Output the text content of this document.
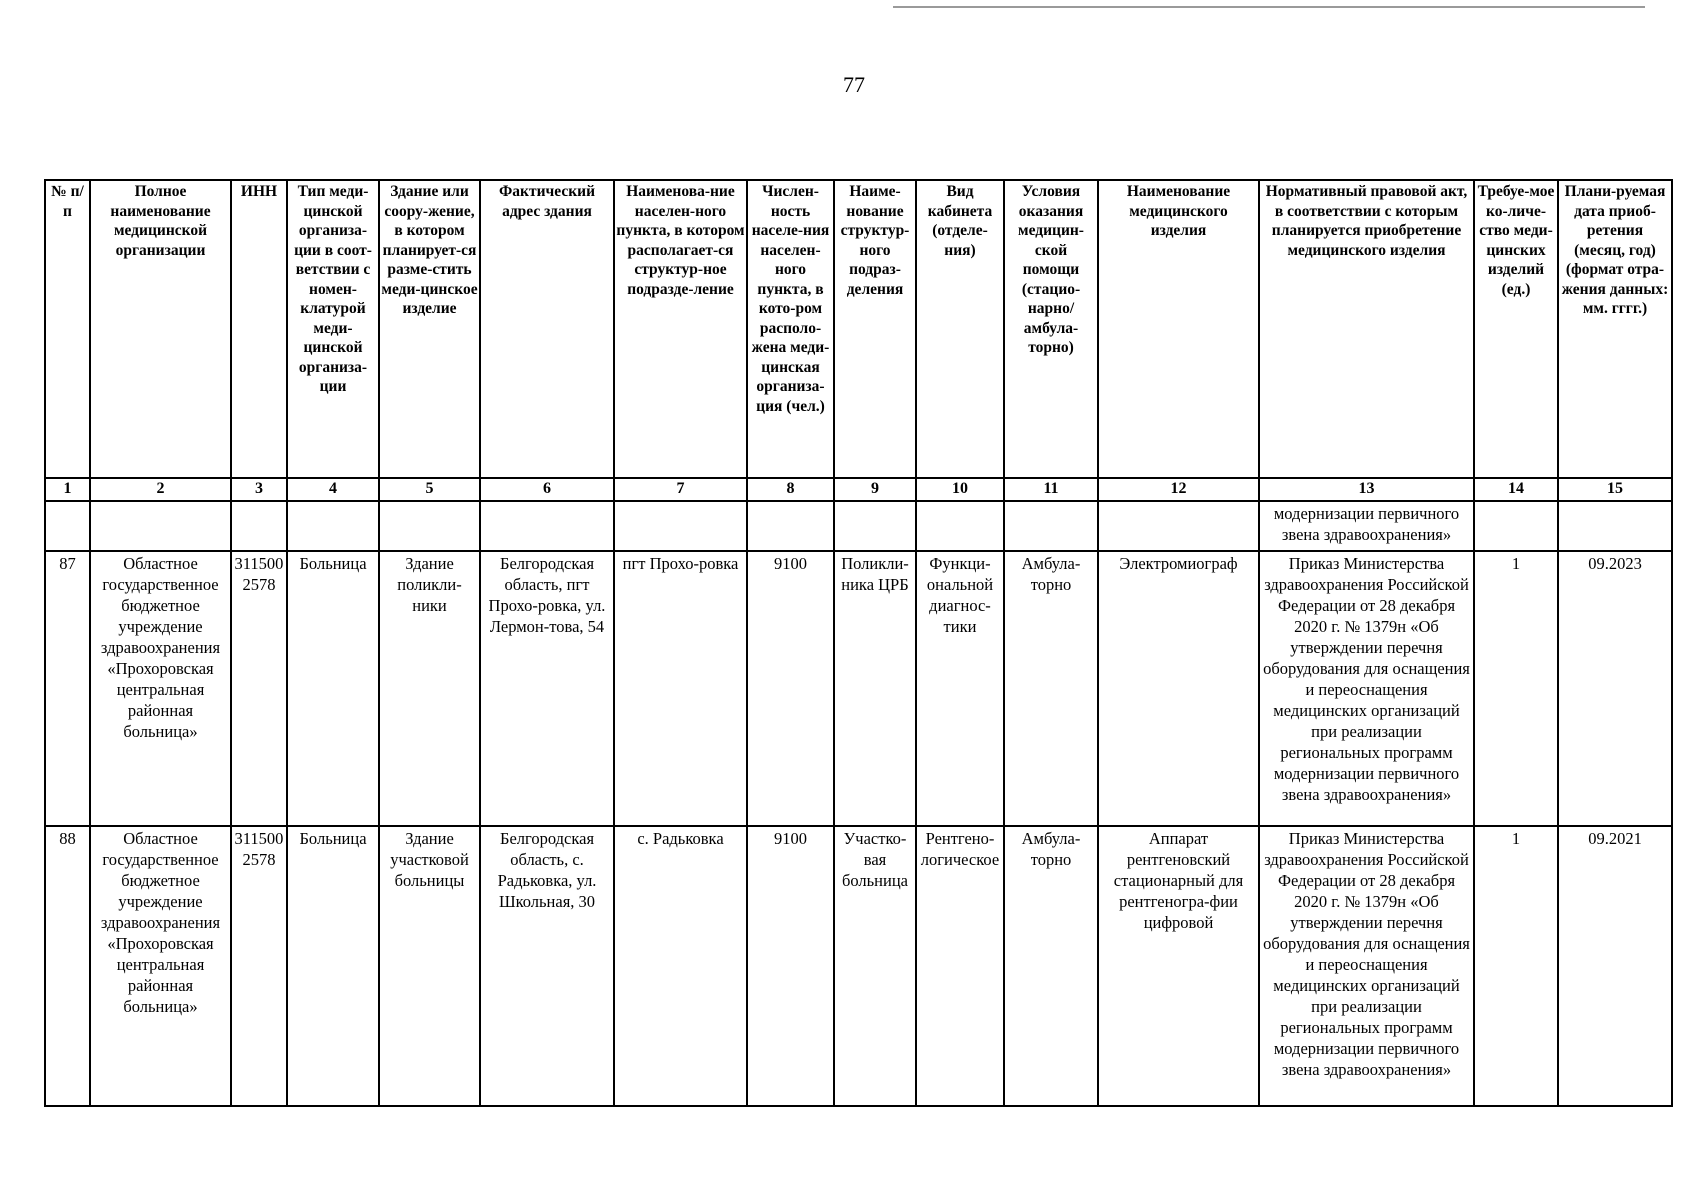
77
№ п/п	Полное наименование медицинской организации	ИНН	Тип меди-цинской организа-ции в соот-ветствии с номен-клатурой меди-цинской организа-ции	Здание или соору-жение, в котором планирует-ся разме-стить меди-цинское изделие	Фактический адрес здания	Наименова-ние населен-ного пункта, в котором располагает-ся структур-ное подразде-ление	Числен-ность населе-ния населен-ного пункта, в кото-ром располо-жена меди-цинская организа-ция (чел.)	Наиме-нование структур-ного подраз-деления	Вид кабинета (отделе-ния)	Условия оказания медицин-ской помощи (стацио-нарно/ амбула-торно)	Наименование медицинского изделия	Нормативный правовой акт, в соответствии с которым планируется приобретение медицинского изделия	Требуе-мое ко-личе-ство меди-цинских изделий (ед.)	Плани-руемая дата приоб-ретения (месяц, год) (формат отра-жения данных: мм. гггг.)
1	2	3	4	5	6	7	8	9	10	11	12	13	14	15
												модернизации первичного звена здравоохранения»		
87	Областное государственное бюджетное учреждение здравоохранения «Прохоровская центральная районная больница»	3115002578	Больница	Здание поликли-ники	Белгородская область, пгт Прохо-ровка, ул. Лермон-това, 54	пгт Прохо-ровка	9100	Поликли-ника ЦРБ	Функци-ональной диагнос-тики	Амбула-торно	Электромиограф	Приказ Министерства здравоохранения Российской Федерации от 28 декабря 2020 г. № 1379н «Об утверждении перечня оборудования для оснащения и переоснащения медицинских организаций при реализации региональных программ модернизации первичного звена здравоохранения»	1	09.2023
88	Областное государственное бюджетное учреждение здравоохранения «Прохоровская центральная районная больница»	3115002578	Больница	Здание участковой больницы	Белгородская область, с. Радьковка, ул. Школьная, 30	с. Радьковка	9100	Участко-вая больница	Рентгено-логическое	Амбула-торно	Аппарат рентгеновский стационарный для рентгеногра-фии цифровой	Приказ Министерства здравоохранения Российской Федерации от 28 декабря 2020 г. № 1379н «Об утверждении перечня оборудования для оснащения и переоснащения медицинских организаций при реализации региональных программ модернизации первичного звена здравоохранения»	1	09.2021
